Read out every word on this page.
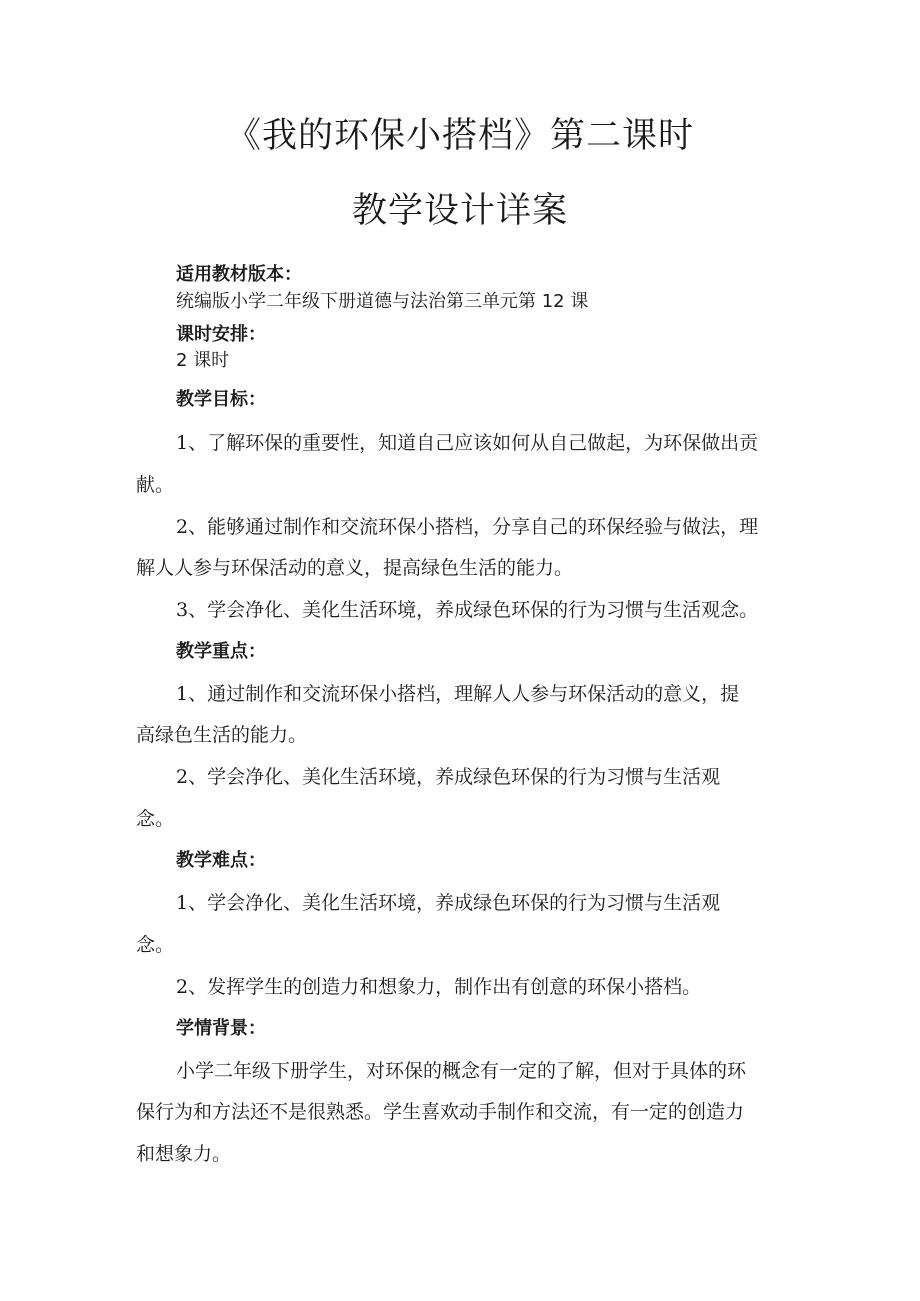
《我的环保小搭档》第二课时
教学设计详案
适用教材版本：
统编版小学二年级下册道德与法治第三单元第 12 课
课时安排：
2 课时
教学目标：
1、了解环保的重要性，知道自己应该如何从自己做起，为环保做出贡
献。
2、能够通过制作和交流环保小搭档，分享自己的环保经验与做法，理
解人人参与环保活动的意义，提高绿色生活的能力。
3、学会净化、美化生活环境，养成绿色环保的行为习惯与生活观念。
教学重点：
1、通过制作和交流环保小搭档，理解人人参与环保活动的意义，提
高绿色生活的能力。
2、学会净化、美化生活环境，养成绿色环保的行为习惯与生活观
念。
教学难点：
1、学会净化、美化生活环境，养成绿色环保的行为习惯与生活观
念。
2、发挥学生的创造力和想象力，制作出有创意的环保小搭档。
学情背景：
小学二年级下册学生，对环保的概念有一定的了解，但对于具体的环
保行为和方法还不是很熟悉。学生喜欢动手制作和交流，有一定的创造力
和想象力。
